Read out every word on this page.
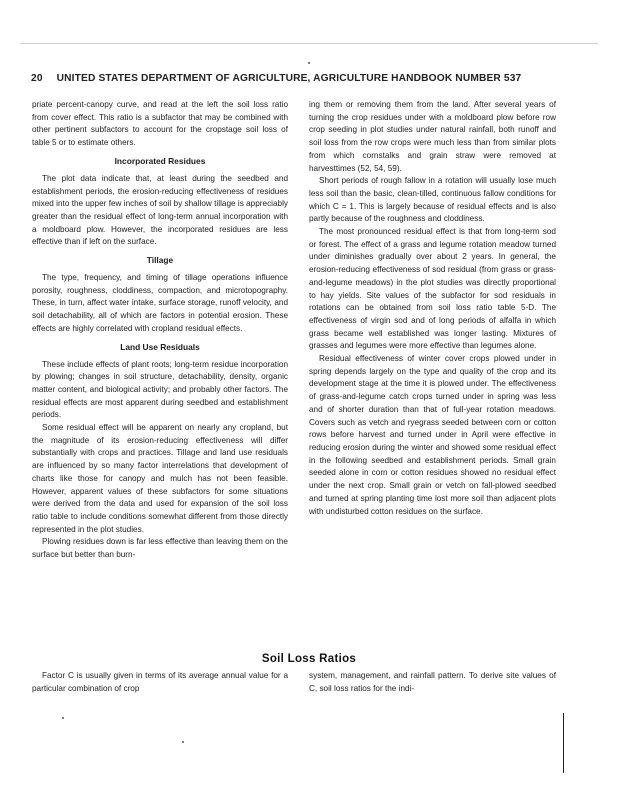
20 UNITED STATES DEPARTMENT OF AGRICULTURE, AGRICULTURE HANDBOOK NUMBER 537

priate percent-canopy curve, and read at the left the soil loss ratio from cover effect. This ratio is a subfactor that may be combined with other pertinent subfactors to account for the cropstage soil loss of table 5 or to estimate others.

Incorporated Residues

The plot data indicate that, at least during the seedbed and establishment periods, the erosion-reducing effectiveness of residues mixed into the upper few inches of soil by shallow tillage is appreciably greater than the residual effect of long-term annual incorporation with a moldboard plow. However, the incorporated residues are less effective than if left on the surface.

Tillage

The type, frequency, and timing of tillage operations influence porosity, roughness, cloddiness, compaction, and microtopography. These, in turn, affect water intake, surface storage, runoff velocity, and soil detachability, all of which are factors in potential erosion. These effects are highly correlated with cropland residual effects.

Land Use Residuals

These include effects of plant roots; long-term residue incorporation by plowing; changes in soil structure, detachability, density, organic matter content, and biological activity; and probably other factors. The residual effects are most apparent during seedbed and establishment periods.

Some residual effect will be apparent on nearly any cropland, but the magnitude of its erosion-reducing effectiveness will differ substantially with crops and practices. Tillage and land use residuals are influenced by so many factor interrelations that development of charts like those for canopy and mulch has not been feasible. However, apparent values of these subfactors for some situations were derived from the data and used for expansion of the soil loss ratio table to include conditions somewhat different from those directly represented in the plot studies.

Plowing residues down is far less effective than leaving them on the surface but better than burn-

ing them or removing them from the land. After several years of turning the crop residues under with a moldboard plow before row crop seeding in plot studies under natural rainfall, both runoff and soil loss from the row crops were much less than from similar plots from which cornstalks and grain straw were removed at harvesttimes (52, 54, 59).

Short periods of rough fallow in a rotation will usually lose much less soil than the basic, clean-tilled, continuous fallow conditions for which C = 1. This is largely because of residual effects and is also partly because of the roughness and cloddiness.

The most pronounced residual effect is that from long-term sod or forest. The effect of a grass and legume rotation meadow turned under diminishes gradually over about 2 years. In general, the erosion-reducing effectiveness of sod residual (from grass or grass-and-legume meadows) in the plot studies was directly proportional to hay yields. Site values of the subfactor for sod residuals in rotations can be obtained from soil loss ratio table 5-D. The effectiveness of virgin sod and of long periods of alfalfa in which grass became well established was longer lasting. Mixtures of grasses and legumes were more effective than legumes alone.

Residual effectiveness of winter cover crops plowed under in spring depends largely on the type and quality of the crop and its development stage at the time it is plowed under. The effectiveness of grass-and-legume catch crops turned under in spring was less and of shorter duration than that of full-year rotation meadows. Covers such as vetch and ryegrass seeded between corn or cotton rows before harvest and turned under in April were effective in reducing erosion during the winter and showed some residual effect in the following seedbed and establishment periods. Small grain seeded alone in corn or cotton residues showed no residual effect under the next crop. Small grain or vetch on fall-plowed seedbed and turned at spring planting time lost more soil than adjacent plots with undisturbed cotton residues on the surface.

Soil Loss Ratios

Factor C is usually given in terms of its average annual value for a particular combination of crop

system, management, and rainfall pattern. To derive site values of C, soil loss ratios for the indi-
